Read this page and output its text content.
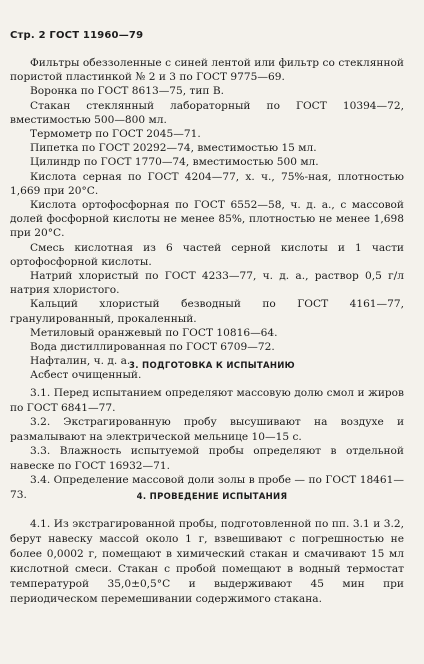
Стр. 2 ГОСТ 11960—79

Фильтры обеззоленные с синей лентой или фильтр со стеклянной пористой пластинкой № 2 и 3 по ГОСТ 9775—69.

Воронка по ГОСТ 8613—75, тип В.

Стакан стеклянный лабораторный по ГОСТ 10394—72, вместимостью 500—800 мл.

Термометр по ГОСТ 2045—71.

Пипетка по ГОСТ 20292—74, вместимостью 15 мл.

Цилиндр по ГОСТ 1770—74, вместимостью 500 мл.

Кислота серная по ГОСТ 4204—77, х. ч., 75%-ная, плотностью 1,669 при 20°С.

Кислота ортофосфорная по ГОСТ 6552—58, ч. д. а., с массовой долей фосфорной кислоты не менее 85%, плотностью не менее 1,698 при 20°С.

Смесь кислотная из 6 частей серной кислоты и 1 части ортофосфорной кислоты.

Натрий хлористый по ГОСТ 4233—77, ч. д. а., раствор 0,5 г/л натрия хлористого.

Кальций хлористый безводный по ГОСТ 4161—77, гранулированный, прокаленный.

Метиловый оранжевый по ГОСТ 10816—64.

Вода дистиллированная по ГОСТ 6709—72.

Нафталин, ч. д. а.

Асбест очищенный.

3. ПОДГОТОВКА К ИСПЫТАНИЮ

3.1. Перед испытанием определяют массовую долю смол и жиров по ГОСТ 6841—77.

3.2. Экстрагированную пробу высушивают на воздухе и размалывают на электрической мельнице 10—15 с.

3.3. Влажность испытуемой пробы определяют в отдельной навеске по ГОСТ 16932—71.

3.4. Определение массовой доли золы в пробе — по ГОСТ 18461—73.	4. ПРОВЕДЕНИЕ ИСПЫТАНИЯ

4.1. Из экстрагированной пробы, подготовленной по пп. 3.1 и 3.2, берут навеску массой около 1 г, взвешивают с погрешностью не более 0,0002 г, помещают в химический стакан и смачивают 15 мл кислотной смеси. Стакан с пробой помещают в водный термостат температурой 35,0±0,5°С и выдерживают 45 мин при периодическом перемешивании содержимого стакана.
